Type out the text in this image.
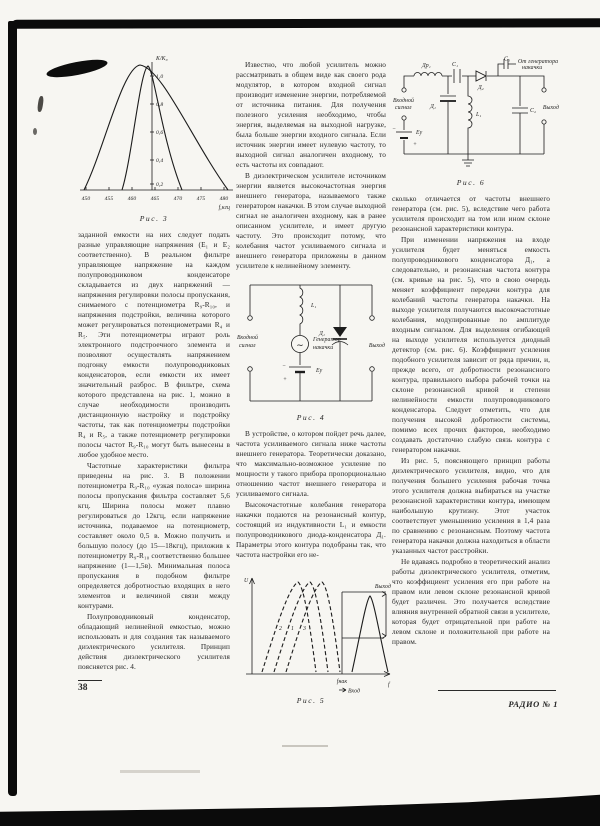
K/K₀
1,0
0,8
0,6
0,4
0,2
450	455	460	465	470	475	480
f,кгц
Рис. 3

заданной емкости на них следует подать разные управляющие напряжения (Е₁ и Е₂ соответственно). В реальном фильтре управляющее напряжение на каждом полупроводниковом конденсаторе складывается из двух напряжений — напряжения регулировки полосы пропускания, снимаемого с потенциометра R₉-R₁₀, и напряжения подстройки, величина которого может регулироваться потенциометрами R₄ и R₅. Эти потенциометры играют роль электронного подстроечного элемента и позволяют осуществлять напряжением подгонку емкости полупроводниковых конденсаторов, если емкости их имеет значительный разброс. В фильтре, схема которого представлена на рис. 1, можно в случае необходимости производить дистанционную настройку и подстройку частоты, так как потенциометры подстройки R₄ и R₅, а также потенциометр регулировки полосы частот R₉-R₁₀ могут быть вынесены в любое удобное место.

Частотные характеристики фильтра приведены на рис. 3. В положении потенциометра R₉-R₁₀ «узкая полоса» ширина полосы пропускания фильтра составляет 5,6 кгц. Ширина полосы может плавно регулироваться до 12кгц, если напряжение источника, подаваемое на потенциометр, составляет около 0,5 в. Можно получить и большую полосу (до 15—18кгц), приложив к потенциометру R₉-R₁₀ соответственно большее напряжение (1—1,5в). Минимальная полоса пропускания в подобном фильтре определяется добротностью входящих в него элементов и величиной связи между контурами.

Полупроводниковый конденсатор, обладающий нелинейной емкостью, можно использовать и для создания так называемого диэлектрического усилителя. Принцип действия диэлектрического усилителя поясняется рис. 4.

Известно, что любой усилитель можно рассматривать в общем виде как своего рода модулятор, в котором входной сигнал производит изменение энергии, потребляемой от источника питания. Для получения полезного усиления необходимо, чтобы энергия, выделяемая на выходной нагрузке, была больше энергии входного сигнала. Если источник энергии имеет нулевую частоту, то выходной сигнал аналогичен входному, то есть частоты их совпадают.

В диэлектрическом усилителе источником энергии является высокочастотная энергия внешнего генератора, называемого также генератором накачки. В этом случае выходной сигнал не аналогичен входному, как в ранее описанном усилителе, и имеет другую частоту. Это происходит потому, что колебания частот усиливаемого сигнала и внешнего генератора приложены в данном усилителе к нелинейному элементу.

Входной
сигнал
L₁
∼ Генератор
накачки
−
+
Еу
Д₁
Выход
Рис. 4

В устройстве, о котором пойдет речь далее, частота усиливаемого сигнала ниже частоты внешнего генератора. Теоретически доказано, что максимально-возможное усиление по мощности у такого прибора пропорционально отношению частот внешнего генератора и усиливаемого сигнала.

Высокочастотные колебания генератора накачки подаются на резонансный контур, состоящий из индуктивности L₁ и емкости полупроводникового диода-конденсатора Д₁. Параметры этого контура подобраны так, что частота настройки его не-

2 1 3
Выход
U
f
fнак
Вход
Рис. 5
Входной
сигнал
Др₁	C₁
Д₁
Д₂
L₁
C₃ От генератора
накачки
C₂
−
+
Еу
Выход
Рис. 6

сколько отличается от частоты внешнего генератора (см. рис. 5), вследствие чего работа усилителя происходит на том или ином склоне резонансной характеристики контура.

При изменении напряжения на входе усилителя будет меняться емкость полупроводникового конденсатора Д₁, а следовательно, и резонансная частота контура (см. кривые на рис. 5), что в свою очередь меняет коэффициент передачи контура для колебаний частоты генератора накачки. На выходе усилителя получаются высокочастотные колебания, модулированные по амплитуде входным сигналом. Для выделения огибающей на выходе усилителя используется диодный детектор (см. рис. 6). Коэффициент усиления подобного усилителя зависит от ряда причин, и, прежде всего, от добротности резонансного контура, правильного выбора рабочей точки на склоне резонансной кривой и степени нелинейности емкости полупроводникового конденсатора. Следует отметить, что для получения высокой добротности системы, помимо всех прочих факторов, необходимо создавать достаточно слабую связь контура с генератором накачки.

Из рис. 5, поясняющего принцип работы диэлектрического усилителя, видно, что для получения большего усиления рабочая точка этого усилителя должна выбираться на участке резонансной характеристики контура, имеющем наибольшую крутизну. Этот участок соответствует уменьшению усиления в 1,4 раза по сравнению с резонансным. Поэтому частота генератора накачки должна находиться в области указанных частот расстройки.

Не вдаваясь подробно в теоретический анализ работы диэлектрического усилителя, отметим, что коэффициент усиления его при работе на правом или левом склоне резонансной кривой будет различен. Это получается вследствие влияния внутренней обратной связи в усилителе, которая будет отрицательной при работе на левом склоне и положительной при работе на правом.

38
РАДИО № 1
